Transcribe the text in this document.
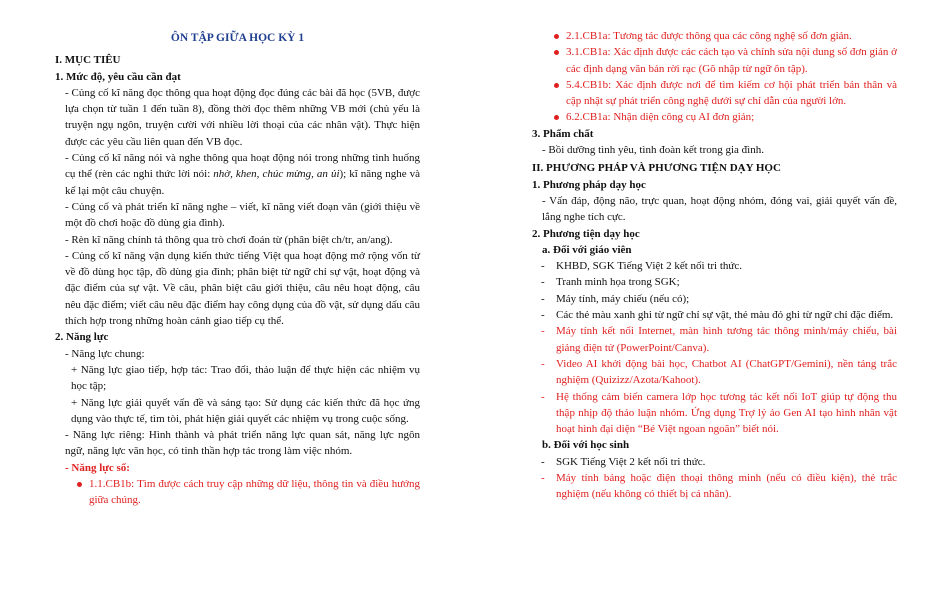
ÔN TẬP GIỮA HỌC KỲ 1

I. MỤC TIÊU

1. Mức độ, yêu cầu cần đạt

- Củng cố kĩ năng đọc thông qua hoạt động đọc đúng các bài đã học (5VB, được lựa chọn từ tuần 1 đến tuần 8), đồng thời đọc thêm những VB mới (chủ yếu là truyện ngụ ngôn, truyện cười với nhiều lời thoại của các nhân vật). Thực hiện được các yêu cầu liên quan đến VB đọc.

- Củng cố kĩ năng nói và nghe thông qua hoạt động nói trong những tình huống cụ thể (rèn các nghi thức lời nói: nhờ, khen, chúc mừng, an ủi); kĩ năng nghe và kể lại một câu chuyện.

- Củng cố và phát triển kĩ năng nghe – viết, kĩ năng viết đoạn văn (giới thiệu về một đồ chơi hoặc đồ dùng gia đình).

- Rèn kĩ năng chính tả thông qua trò chơi đoán từ (phân biệt ch/tr, an/ang).

- Củng cố kĩ năng vận dụng kiến thức tiếng Việt qua hoạt động mở rộng vốn từ về đồ dùng học tập, đồ dùng gia đình; phân biệt từ ngữ chỉ sự vật, hoạt động và đặc điểm của sự vật. Về câu, phân biệt câu giới thiệu, câu nêu hoạt động, câu nêu đặc điểm; viết câu nêu đặc điểm hay công dụng của đồ vật, sử dụng dấu câu thích hợp trong những hoàn cảnh giao tiếp cụ thể.

2. Năng lực

- Năng lực chung:

+ Năng lực giao tiếp, hợp tác: Trao đổi, thảo luận để thực hiện các nhiệm vụ học tập;

+ Năng lực giải quyết vấn đề và sáng tạo: Sử dụng các kiến thức đã học ứng dụng vào thực tế, tìm tòi, phát hiện giải quyết các nhiệm vụ trong cuộc sống.

- Năng lực riêng: Hình thành và phát triển năng lực quan sát, năng lực ngôn ngữ, năng lực văn học, có tinh thần hợp tác trong làm việc nhóm.

- Năng lực số:

1.1.CB1b: Tìm được cách truy cập những dữ liệu, thông tin và điều hướng giữa chúng.
2.1.CB1a: Tương tác được thông qua các công nghệ số đơn giản.
3.1.CB1a: Xác định được các cách tạo và chỉnh sửa nội dung số đơn giản ở các định dạng văn bản rời rạc (Gõ nhập từ ngữ ôn tập).
5.4.CB1b: Xác định được nơi để tìm kiếm cơ hội phát triển bản thân và cập nhật sự phát triển công nghệ dưới sự chỉ dẫn của người lớn.
6.2.CB1a: Nhận diện công cụ AI đơn giản;

3. Phẩm chất

- Bồi dưỡng tình yêu, tình đoàn kết trong gia đình.

II. PHƯƠNG PHÁP VÀ PHƯƠNG TIỆN DẠY HỌC

1. Phương pháp dạy học

- Vấn đáp, động não, trực quan, hoạt động nhóm, đóng vai, giải quyết vấn đề, lắng nghe tích cực.

2. Phương tiện dạy học

a. Đối với giáo viên

- KHBD, SGK Tiếng Việt 2 kết nối tri thức.
- Tranh minh họa trong SGK;
- Máy tính, máy chiếu (nếu có);
- Các thẻ màu xanh ghi từ ngữ chỉ sự vật, thẻ màu đỏ ghi từ ngữ chỉ đặc điểm.
- Máy tính kết nối Internet, màn hình tương tác thông minh/máy chiếu, bài giảng điện tử (PowerPoint/Canva).
- Video AI khởi động bài học, Chatbot AI (ChatGPT/Gemini), nền tảng trắc nghiệm (Quizizz/Azota/Kahoot).
- Hệ thống cảm biến camera lớp học tương tác kết nối IoT giúp tự động thu thập nhịp độ thảo luận nhóm. Ứng dụng Trợ lý ảo Gen AI tạo hình nhân vật hoạt hình đại diện “Bé Việt ngoan ngoãn” biết nói.

b. Đối với học sinh

- SGK Tiếng Việt 2 kết nối tri thức.
- Máy tính bảng hoặc điện thoại thông minh (nếu có điều kiện), thẻ trắc nghiệm (nếu không có thiết bị cá nhân).
